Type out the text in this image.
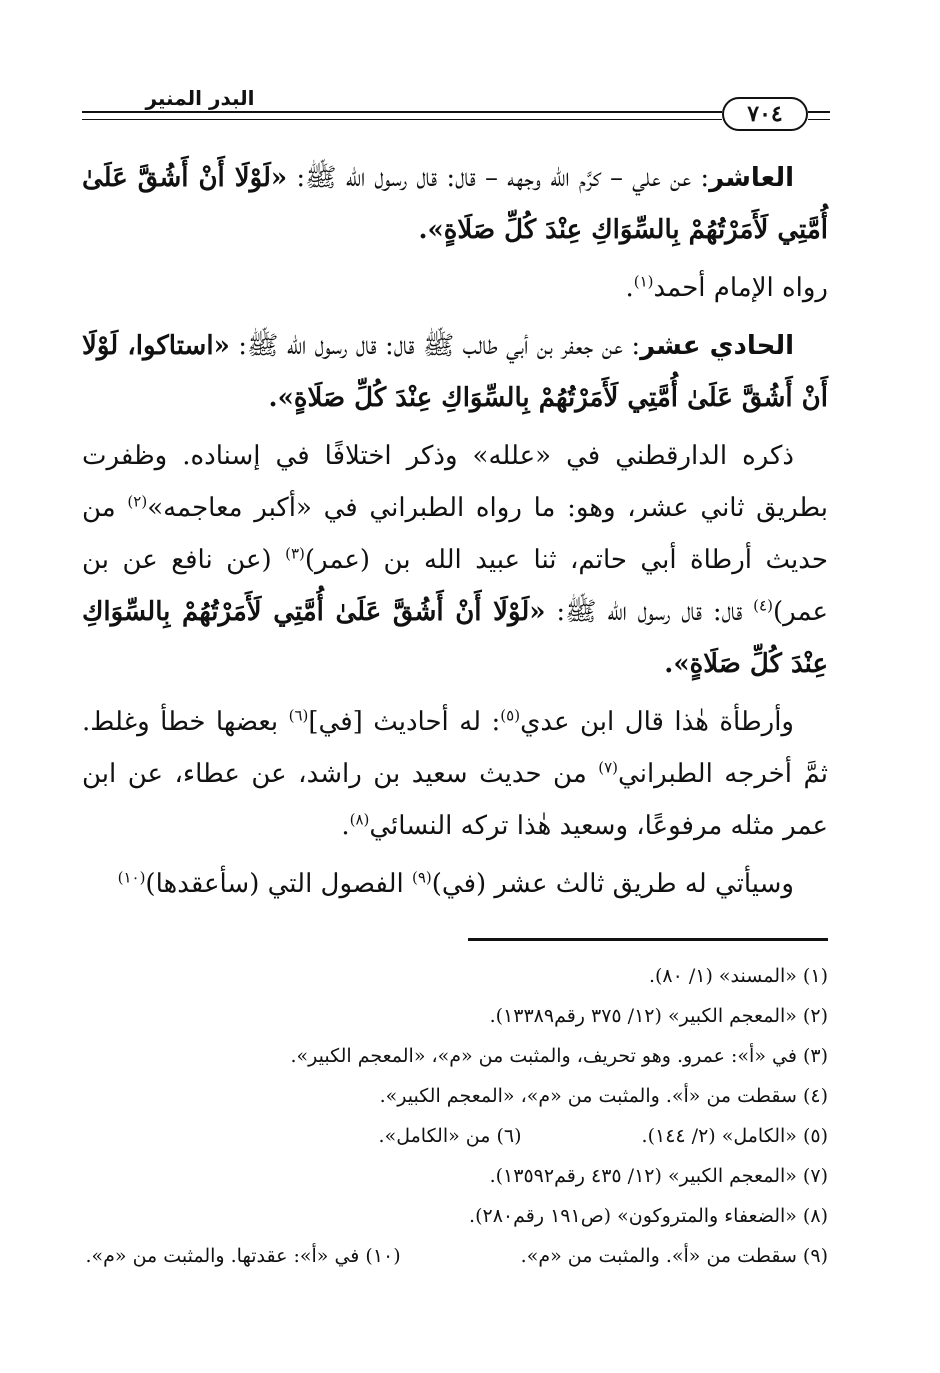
البدر المنير
٧٠٤

العاشر: عن علي – كرَّم الله وجهه – قال: قال رسول الله ﷺ: «لَوْلَا أَنْ أَشُقَّ عَلَىٰ أُمَّتِي لَأَمَرْتُهُمْ بِالسِّوَاكِ عِنْدَ كُلِّ صَلَاةٍ».

رواه الإمام أحمد$^{(١)}$.

الحادي عشر: عن جعفر بن أبي طالب ﷺ قال: قال رسول الله ﷺ: «استاكوا، لَوْلَا أَنْ أَشُقَّ عَلَىٰ أُمَّتِي لَأَمَرْتُهُمْ بِالسِّوَاكِ عِنْدَ كُلِّ صَلَاةٍ».

ذكره الدارقطني في «علله» وذكر اختلافًا في إسناده. وظفرت بطريق ثاني عشر، وهو: ما رواه الطبراني في «أكبر معاجمه»$^{(٢)}$ من حديث أرطاة أبي حاتم، ثنا عبيد الله بن (عمر)$^{(٣)}$ (عن نافع عن بن عمر)$^{(٤)}$ قال: قال رسول الله ﷺ: «لَوْلَا أَنْ أَشُقَّ عَلَىٰ أُمَّتِي لَأَمَرْتُهُمْ بِالسِّوَاكِ عِنْدَ كُلِّ صَلَاةٍ».

وأرطأة هٰذا قال ابن عدي$^{(٥)}$: له أحاديث [في]$^{(٦)}$ بعضها خطأ وغلط. ثمَّ أخرجه الطبراني$^{(٧)}$ من حديث سعيد بن راشد، عن عطاء، عن ابن عمر مثله مرفوعًا، وسعيد هٰذا تركه النسائي$^{(٨)}$.

وسيأتي له طريق ثالث عشر (في)$^{(٩)}$ الفصول التي (سأعقدها)$^{(١٠)}$

(١) «المسند» (١/ ٨٠).
(٢) «المعجم الكبير» (١٢/ ٣٧٥ رقم١٣٣٨٩).
(٣) في «أ»: عمرو. وهو تحريف، والمثبت من «م»، «المعجم الكبير».
(٤) سقطت من «أ». والمثبت من «م»، «المعجم الكبير».
(٥) «الكامل» (٢/ ١٤٤).
(٦) من «الكامل».
(٧) «المعجم الكبير» (١٢/ ٤٣٥ رقم١٣٥٩٢).
(٨) «الضعفاء والمتروكون» (ص١٩١ رقم٢٨٠).
(٩) سقطت من «أ». والمثبت من «م».
(١٠) في «أ»: عقدتها. والمثبت من «م».
